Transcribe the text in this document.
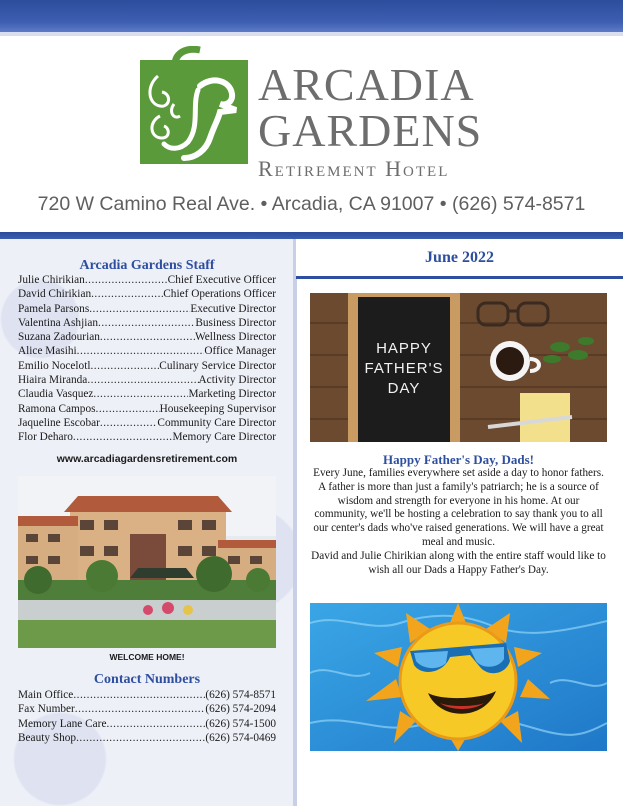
ARCADIA
GARDENS
Retirement Hotel
720 W Camino Real Ave. • Arcadia, CA 91007 • (626) 574-8571
Arcadia Gardens Staff
Julie Chirikian .....	Chief Executive Officer
David Chirikian .....	Chief Operations Officer
Pamela Parsons .....	Executive Director
Valentina Ashjian .....	Business Director
Suzana Zadourian .....	Wellness Director
Alice Masihi .....	Office Manager
Emilio Nocelotl .....	Culinary Service Director
Hiaira Miranda .....	Activity Director
Claudia Vasquez .....	Marketing Director
Ramona Campos .....	Housekeeping Supervisor
Jaqueline Escobar .....	Community Care Director
Flor Deharo .....	Memory Care Director
www.arcadiagardensretirement.com
WELCOME HOME!
Contact Numbers
Main Office .....	(626) 574-8571
Fax Number .....	(626) 574-2094
Memory Lane Care .....	(626) 574-1500
Beauty Shop .....	(626) 574-0469
June 2022
HAPPY
FATHER'S
DAY
Happy Father's Day, Dads!
Every June, families everywhere set aside a day to honor fathers. A father is more than just a family's patriarch; he is a source of wisdom and strength for everyone in his home. At our community, we'll be hosting a celebration to say thank you to all our center's dads who've raised generations. We will have a great meal and music.
David and Julie Chirikian along with the entire staff would like to wish all our Dads a Happy Father's Day.
